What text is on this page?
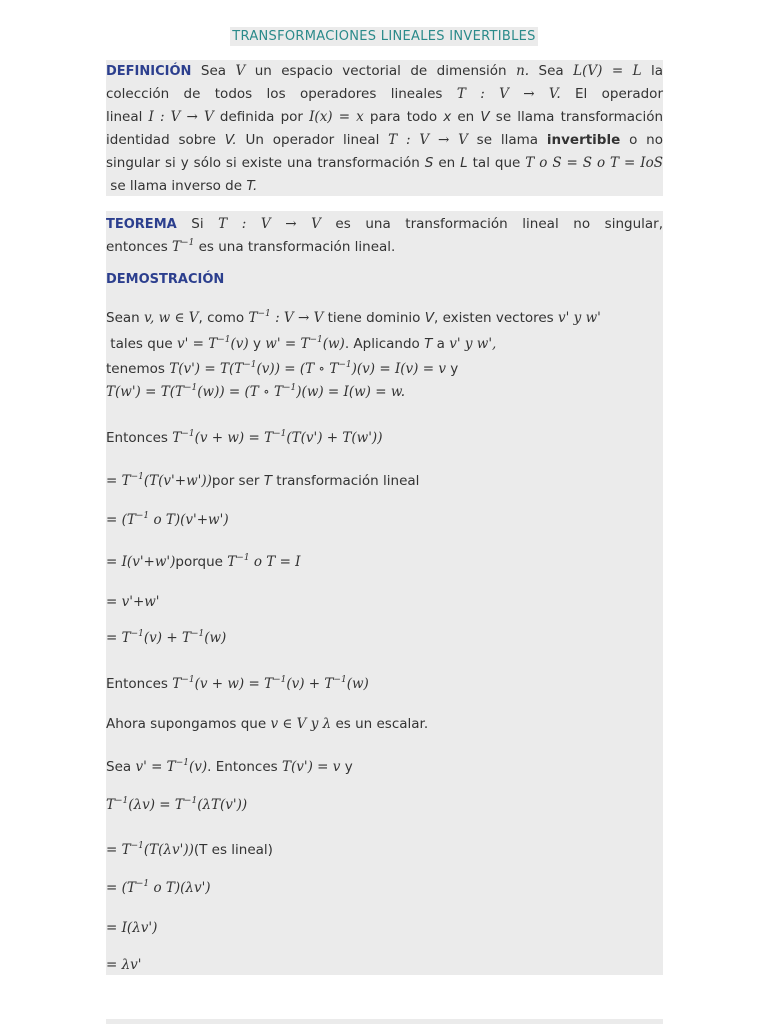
TRANSFORMACIONES LINEALES INVERTIBLES
DEFINICIÓN Sea V un espacio vectorial de dimensión n. Sea L(V) = L la
colección de todos los operadores lineales T : V → V. El operador
lineal I : V → V definida por I(x) = x para todo x en V se llama transformación
identidad sobre V. Un operador lineal T : V → V se llama invertible o no
singular si y sólo si existe una transformación S en L tal que T o S = S o T = IoS
se llama inverso de T.
TEOREMA Si T : V → V es una transformación lineal no singular,
entonces $T^{-1}$ es una transformación lineal.
DEMOSTRACIÓN
Sean v, w ∈ V, como $T^{-1}$ : V → V tiene dominio V, existen vectores v' y w'
tales que $v' = T^{-1}(v)$ y $w' = T^{-1}(w)$. Aplicando T a v' y w',
tenemos $T(v') = T(T^{-1}(v)) = (T$ ∘ $T^{-1})(v) = I(v) = v$ y
$T(w') = T(T^{-1}(w)) = (T$ ∘ $T^{-1})(w) = I(w) = w$.
Entonces $T^{-1}(v + w) = T^{-1}(T(v') + T(w'))$
= $T^{-1}(T(v'+w'))por$ ser T transformación lineal
= ($T^{-1}$ o T)(v'+w')
= I(v'+w')porque $T^{-1}$ o T = I
= v'+w'
= $T^{-1}(v) + T^{-1}(w)$
Entonces $T^{-1}(v + w) = T^{-1}(v) + T^{-1}(w)$
Ahora supongamos que v ∈ V y λ es un escalar.
Sea $v' = T^{-1}(v)$. Entonces T(v') = v y
$T^{-1}(\lambda v) = T^{-1}(\lambda T(v'))$
= $T^{-1}(T(\lambda v'))(T$ es lineal)
= ($T^{-1}$ o T)(λv')
= I(λv')
= λv'
